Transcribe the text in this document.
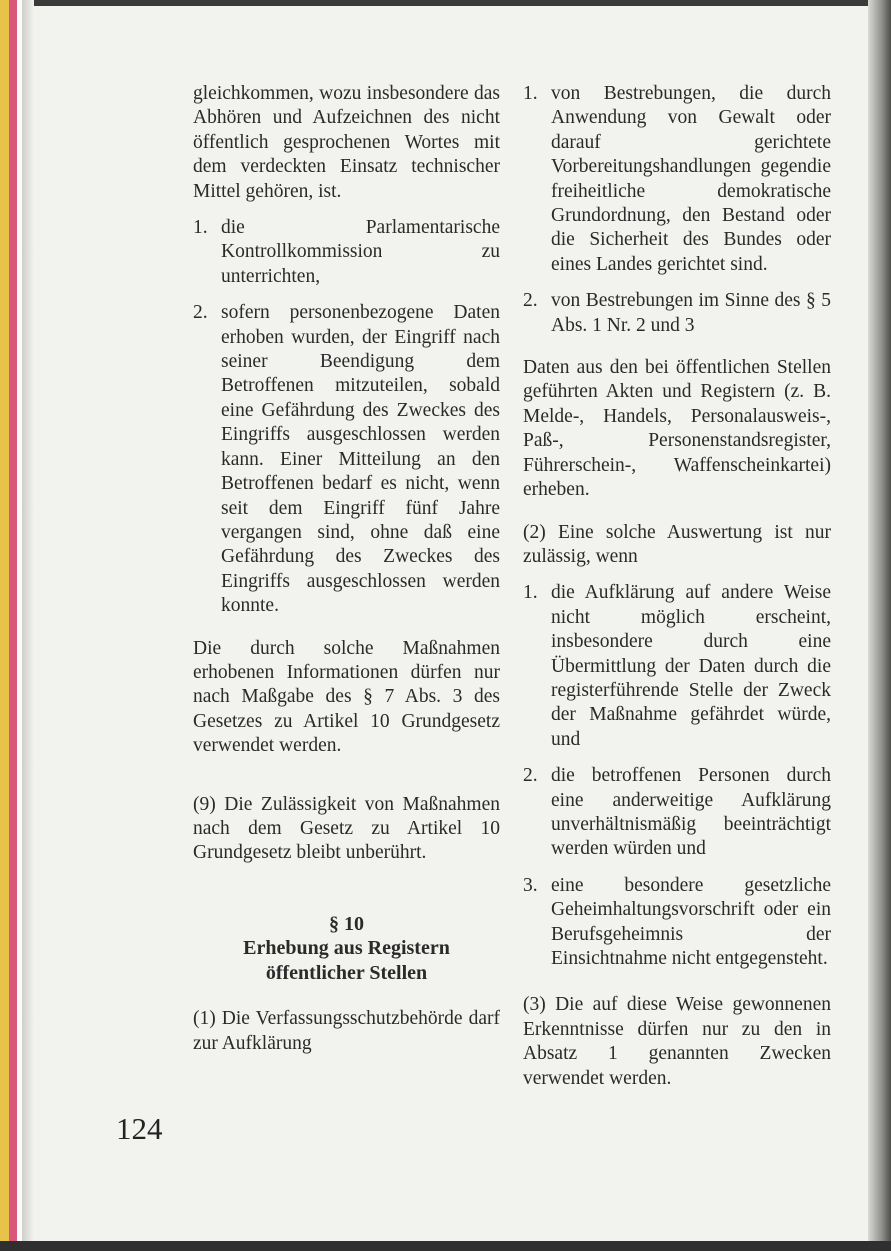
gleichkommen, wozu insbesondere das Abhören und Aufzeichnen des nicht öffentlich gesprochenen Wortes mit dem verdeckten Einsatz technischer Mittel gehören, ist.

1. die Parlamentarische Kontrollkommission zu unterrichten,
2. sofern personenbezogene Daten erhoben wurden, der Eingriff nach seiner Beendigung dem Betroffenen mitzuteilen, sobald eine Gefährdung des Zweckes des Eingriffs ausgeschlossen werden kann. Einer Mitteilung an den Betroffenen bedarf es nicht, wenn seit dem Eingriff fünf Jahre vergangen sind, ohne daß eine Gefährdung des Zweckes des Eingriffs ausgeschlossen werden konnte.

Die durch solche Maßnahmen erhobenen Informationen dürfen nur nach Maßgabe des § 7 Abs. 3 des Gesetzes zu Artikel 10 Grundgesetz verwendet werden.

(9) Die Zulässigkeit von Maßnahmen nach dem Gesetz zu Artikel 10 Grundgesetz bleibt unberührt.

§ 10
Erhebung aus Registern öffentlicher Stellen

(1) Die Verfassungsschutzbehörde darf zur Aufklärung

1. von Bestrebungen, die durch Anwendung von Gewalt oder darauf gerichtete Vorbereitungshandlungen gegendie freiheitliche demokratische Grundordnung, den Bestand oder die Sicherheit des Bundes oder eines Landes gerichtet sind.
2. von Bestrebungen im Sinne des § 5 Abs. 1 Nr. 2 und 3

Daten aus den bei öffentlichen Stellen geführten Akten und Registern (z. B. Melde-, Handels, Personalausweis-, Paß-, Personenstandsregister, Führerschein-, Waffenscheinkartei) erheben.

(2) Eine solche Auswertung ist nur zulässig, wenn

1. die Aufklärung auf andere Weise nicht möglich erscheint, insbesondere durch eine Übermittlung der Daten durch die registerführende Stelle der Zweck der Maßnahme gefährdet würde, und
2. die betroffenen Personen durch eine anderweitige Aufklärung unverhältnismäßig beeinträchtigt werden würden und
3. eine besondere gesetzliche Geheimhaltungsvorschrift oder ein Berufsgeheimnis der Einsichtnahme nicht entgegensteht.

(3) Die auf diese Weise gewonnenen Erkenntnisse dürfen nur zu den in Absatz 1 genannten Zwecken verwendet werden.

124
